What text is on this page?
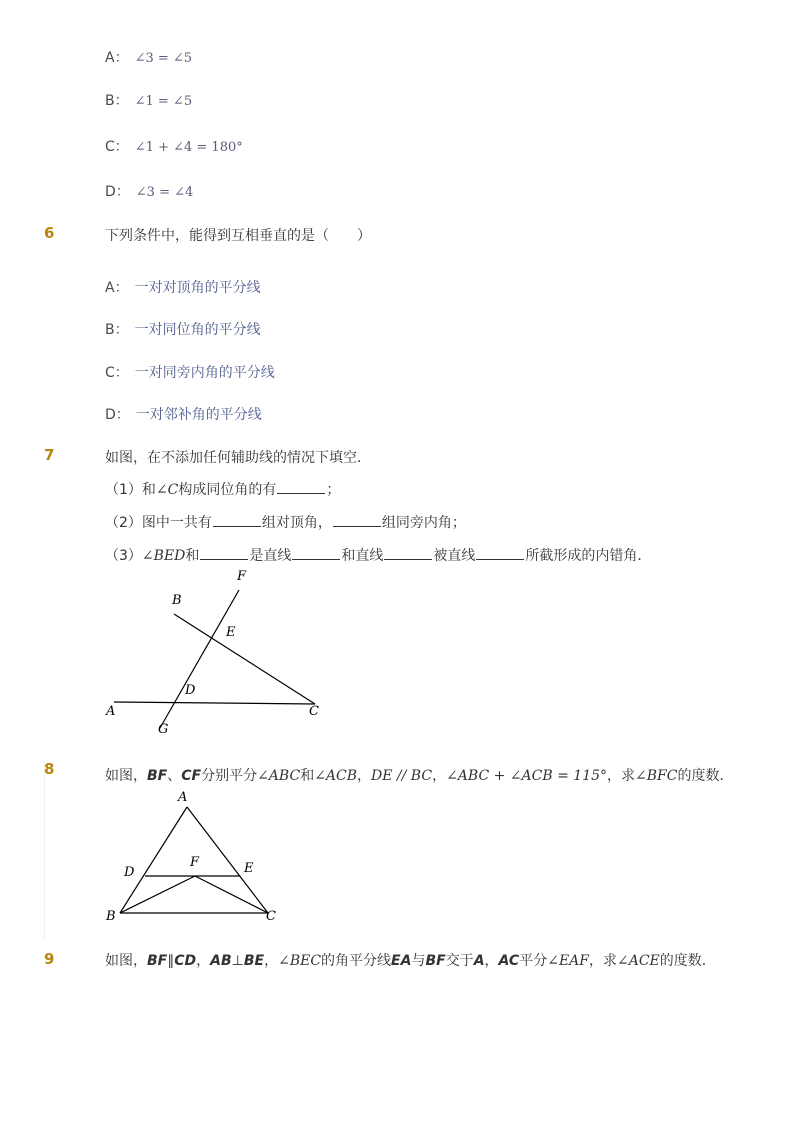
A： ∠3 = ∠5
B： ∠1 = ∠5
C： ∠1 + ∠4 = 180°
D： ∠3 = ∠4
6	下列条件中，能得到互相垂直的是（　　）
A： 一对对顶角的平分线
B： 一对同位角的平分线
C： 一对同旁内角的平分线
D： 一对邻补角的平分线
7	如图，在不添加任何辅助线的情况下填空．
（1）和∠C构成同位角的有	；
（2）图中一共有	组对顶角，	组同旁内角；
（3）∠BED和	是直线	和直线	被直线	所截形成的内错角．
F
B
E
D
A	C
G
8	如图，BF、CF分别平分∠ABC和∠ACB，DE // BC，∠ABC + ∠ACB = 115°，求∠BFC的度数．
A
D
F	E
B	C
9	如图，BF∥CD，AB⊥BE，∠BEC的角平分线EA与BF交于A，AC平分∠EAF，求∠ACE的度数．
